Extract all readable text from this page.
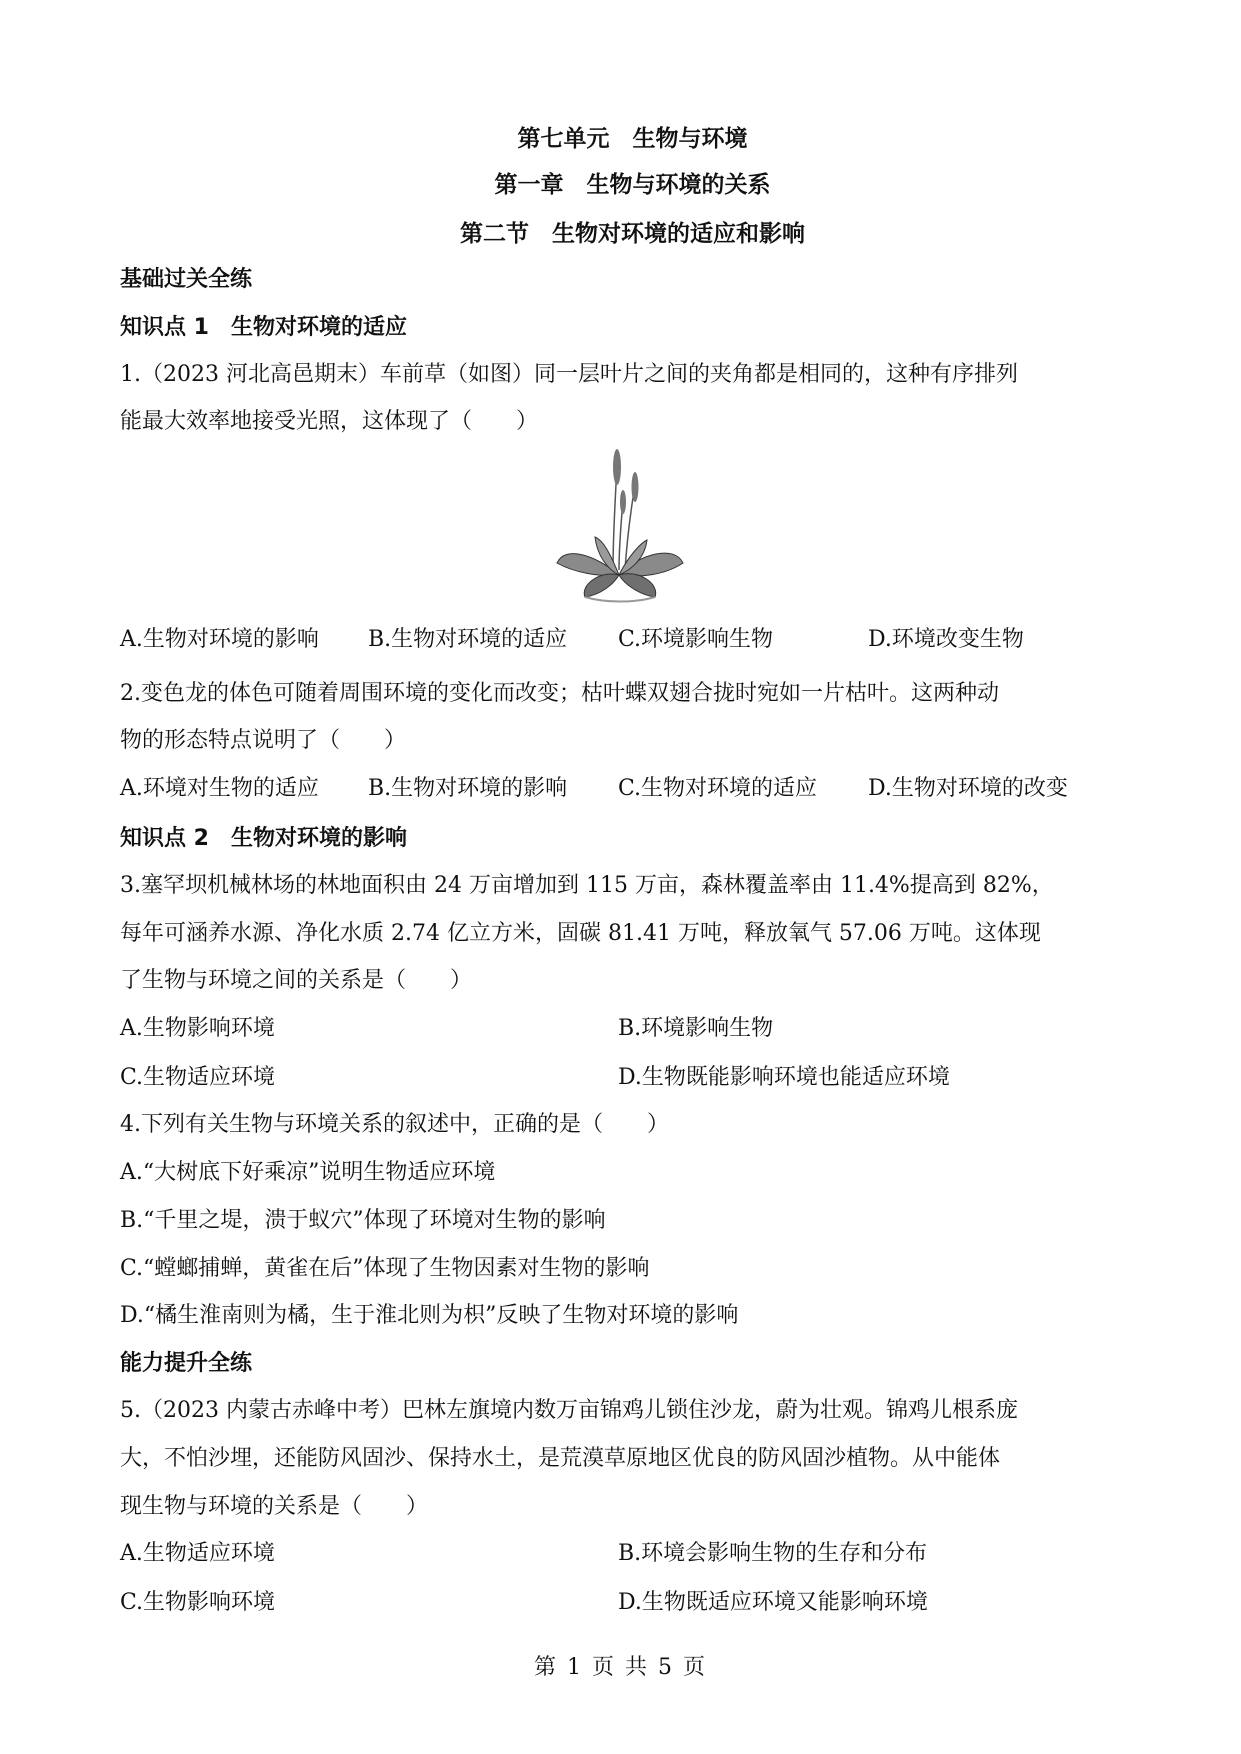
第七单元　生物与环境
第一章　生物与环境的关系
第二节　生物对环境的适应和影响
基础过关全练
知识点 1　生物对环境的适应
1.（2023 河北高邑期末）车前草（如图）同一层叶片之间的夹角都是相同的，这种有序排列
能最大效率地接受光照，这体现了（　　）
A.生物对环境的影响 B.生物对环境的适应 C.环境影响生物	D.环境改变生物
2.变色龙的体色可随着周围环境的变化而改变；枯叶蝶双翅合拢时宛如一片枯叶。这两种动
物的形态特点说明了（　　）
A.环境对生物的适应 B.生物对环境的影响 C.生物对环境的适应 D.生物对环境的改变
知识点 2　生物对环境的影响
3.塞罕坝机械林场的林地面积由 24 万亩增加到 115 万亩，森林覆盖率由 11.4%提高到 82%，
每年可涵养水源、净化水质 2.74 亿立方米，固碳 81.41 万吨，释放氧气 57.06 万吨。这体现
了生物与环境之间的关系是（　　）
A.生物影响环境	B.环境影响生物
C.生物适应环境	D.生物既能影响环境也能适应环境
4.下列有关生物与环境关系的叙述中，正确的是（　　）
A.“大树底下好乘凉”说明生物适应环境
B.“千里之堤，溃于蚁穴”体现了环境对生物的影响
C.“螳螂捕蝉，黄雀在后”体现了生物因素对生物的影响
D.“橘生淮南则为橘，生于淮北则为枳”反映了生物对环境的影响
能力提升全练
5.（2023 内蒙古赤峰中考）巴林左旗境内数万亩锦鸡儿锁住沙龙，蔚为壮观。锦鸡儿根系庞
大，不怕沙埋，还能防风固沙、保持水土，是荒漠草原地区优良的防风固沙植物。从中能体
现生物与环境的关系是（　　）
A.生物适应环境	B.环境会影响生物的生存和分布
C.生物影响环境	D.生物既适应环境又能影响环境
第 1 页 共 5 页
